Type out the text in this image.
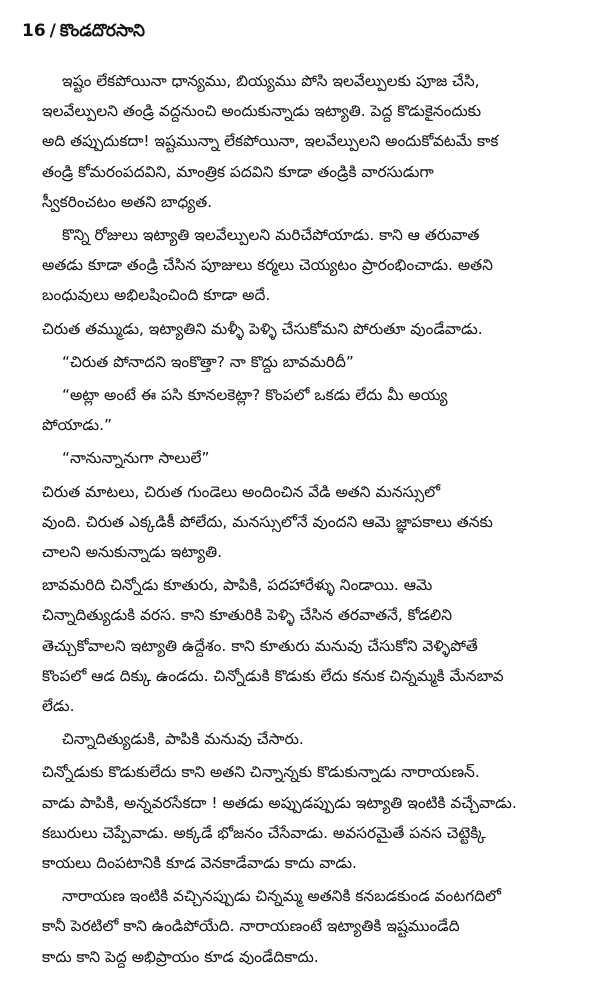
16 / కొండదొరసాని

ఇష్టం లేకపోయినా ధాన్యము, బియ్యము పోసి ఇలవేల్పులకు పూజ చేసి,
ఇలవేల్పులని తండ్రి వద్దనుంచి అందుకున్నాడు ఇట్యాతి. పెద్ద కొడుకైనందుకు
అది తప్పుదుకదా! ఇష్టమున్నా లేకపోయినా, ఇలవేల్పులని అందుకోవటమే కాక
తండ్రి కోమరంపదవిని, మాంత్రిక పదవిని కూడా తండ్రికి వారసుడుగా
స్వీకరించటం అతని బాధ్యత.

కొన్ని రోజులు ఇట్యాతి ఇలవేల్పులని మరిచేపోయాడు. కాని ఆ తరువాత
అతడు కూడా తండ్రి చేసిన పూజులు కర్మలు చెయ్యటం ప్రారంభించాడు. అతని
బంధువులు అభిలషించింది కూడా అదే.

చిరుత తమ్ముడు, ఇట్యాతిని మళ్ళీ పెళ్ళి చేసుకోమని పోరుతూ వుండేవాడు.

“చిరుత పోనాదని ఇంకొత్తా? నా కొద్దు బావమరిదీ”

“అట్లా అంటే ఈ పసి కూనలకెట్లా? కొంపలో ఒకడు లేదు మీ అయ్య
పోయాడు.”

“నానున్నానుగా సాలులే”

చిరుత మాటలు, చిరుత గుండెలు అందించిన వేడి అతని మనస్సులో
వుంది. చిరుత ఎక్కడికీ పోలేదు, మనస్సులోనే వుందని ఆమె జ్ఞాపకాలు తనకు
చాలని అనుకున్నాడు ఇట్యాతి.

బావమరిది చిన్నోడు కూతురు, పాపికి, పదహారేళ్ళు నిండాయి. ఆమె
చిన్నాదిత్యుడుకి వరస. కాని కూతురికి పెళ్ళి చేసిన తరవాతనే, కోడలిని
తెచ్చుకోవాలని ఇట్యాతి ఉద్దేశం. కాని కూతురు మనువు చేసుకోని వెళ్ళిపోతే
కొంపలో ఆడ దిక్కు ఉండదు. చిన్నోడుకి కొడుకు లేదు కనుక చిన్నమ్మకి మేనబావ
లేడు.

చిన్నాదిత్యుడుకి, పాపికి మనువు చేసారు.

చిన్నోడుకు కొడుకులేదు కాని అతని చిన్నాన్నకు కొడుకున్నాడు నారాయణన్.
వాడు పాపికి, అన్నవరసేకదా ! అతడు అప్పుడప్పుడు ఇట్యాతి ఇంటికి వచ్చేవాడు.
కబురులు చెప్పేవాడు. అక్కడే భోజనం చేసేవాడు. అవసరమైతే పనస చెట్టెక్కి
కాయలు దింపటానికి కూడ వెనకాడేవాడు కాదు వాడు.

నారాయణ ఇంటికి వచ్చినప్పుడు చిన్నమ్మ అతనికి కనబడకుండ వంటగదిలో
కానీ పెరటిలో కాని ఉండిపోయేది. నారాయణంటే ఇట్యాతికి ఇష్టముండేది
కాదు కాని పెద్ద అభిప్రాయం కూడ వుండేదికాదు.
